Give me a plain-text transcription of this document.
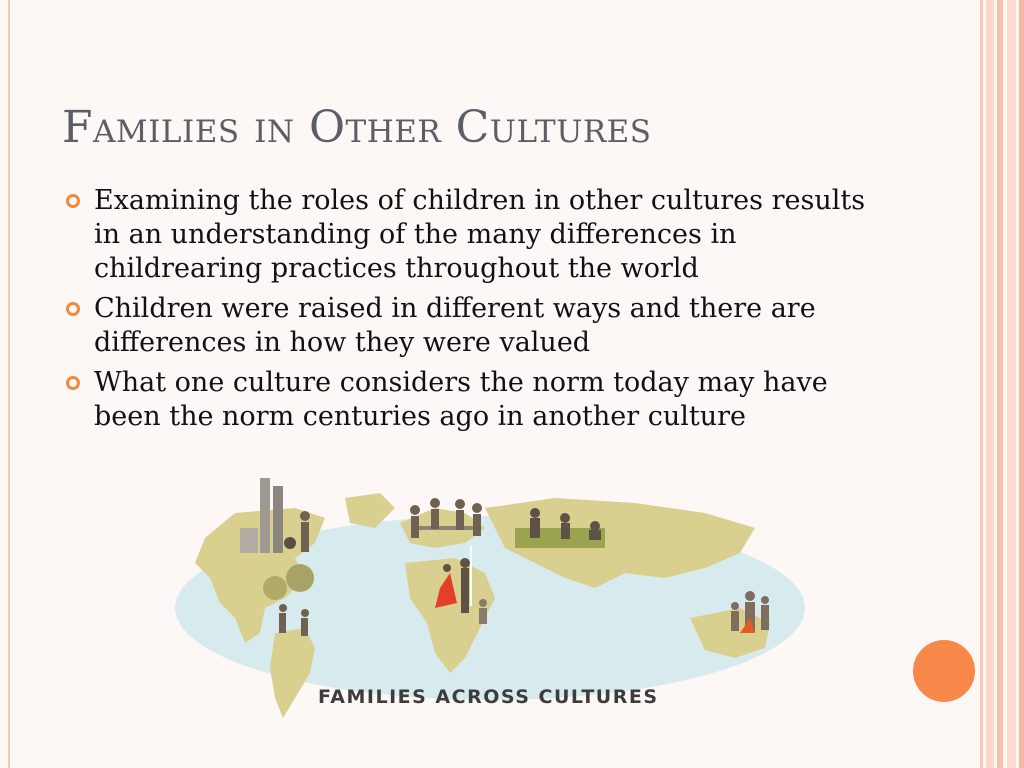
Families in Other Cultures
Examining the roles of children in other cultures results in an understanding of the many differences in childrearing practices throughout the world
Children were raised in different ways and there are differences in how they were valued
What one culture considers the norm today may have been the norm centuries ago in another culture
FAMILIES ACROSS CULTURES
